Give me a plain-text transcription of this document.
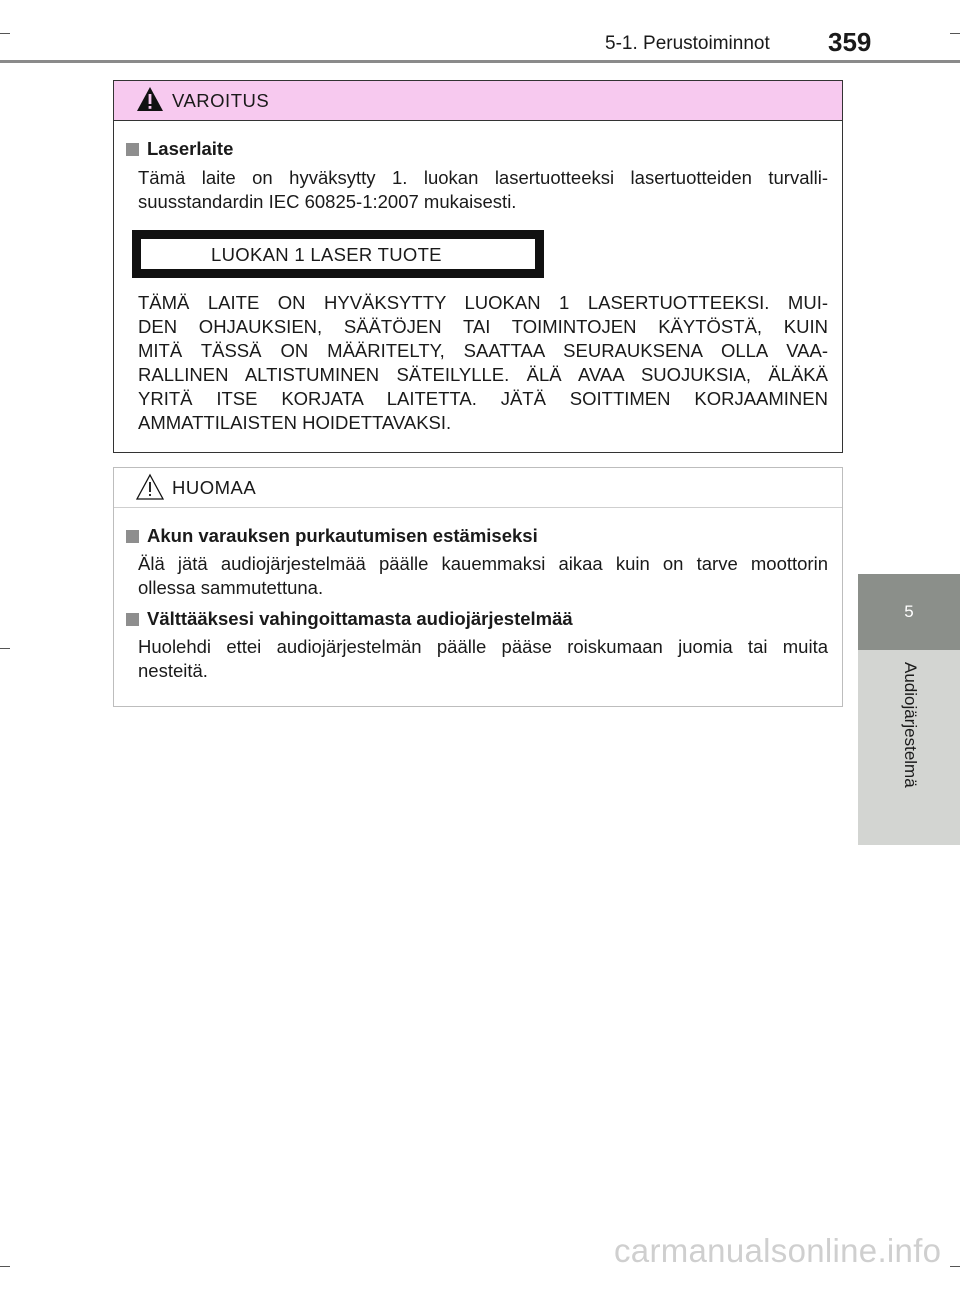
5-1. Perustoiminnot 359
5
Audiojärjestelmä
VAROITUS
Laserlaite
Tämä laite on hyväksytty 1. luokan lasertuotteeksi lasertuotteiden turvalli-
suusstandardin IEC 60825-1:2007 mukaisesti.
LUOKAN 1 LASER TUOTE
TÄMÄ LAITE ON HYVÄKSYTTY LUOKAN 1 LASERTUOTTEEKSI. MUI-
DEN OHJAUKSIEN, SÄÄTÖJEN TAI TOIMINTOJEN KÄYTÖSTÄ, KUIN
MITÄ TÄSSÄ ON MÄÄRITELTY, SAATTAA SEURAUKSENA OLLA VAA-
RALLINEN ALTISTUMINEN SÄTEILYLLE. ÄLÄ AVAA SUOJUKSIA, ÄLÄKÄ
YRITÄ ITSE KORJATA LAITETTA. JÄTÄ SOITTIMEN KORJAAMINEN
AMMATTILAISTEN HOIDETTAVAKSI.
HUOMAA
Akun varauksen purkautumisen estämiseksi
Älä jätä audiojärjestelmää päälle kauemmaksi aikaa kuin on tarve moottorin
ollessa sammutettuna.
Välttääksesi vahingoittamasta audiojärjestelmää
Huolehdi ettei audiojärjestelmän päälle pääse roiskumaan juomia tai muita
nesteitä.
carmanualsonline.info
